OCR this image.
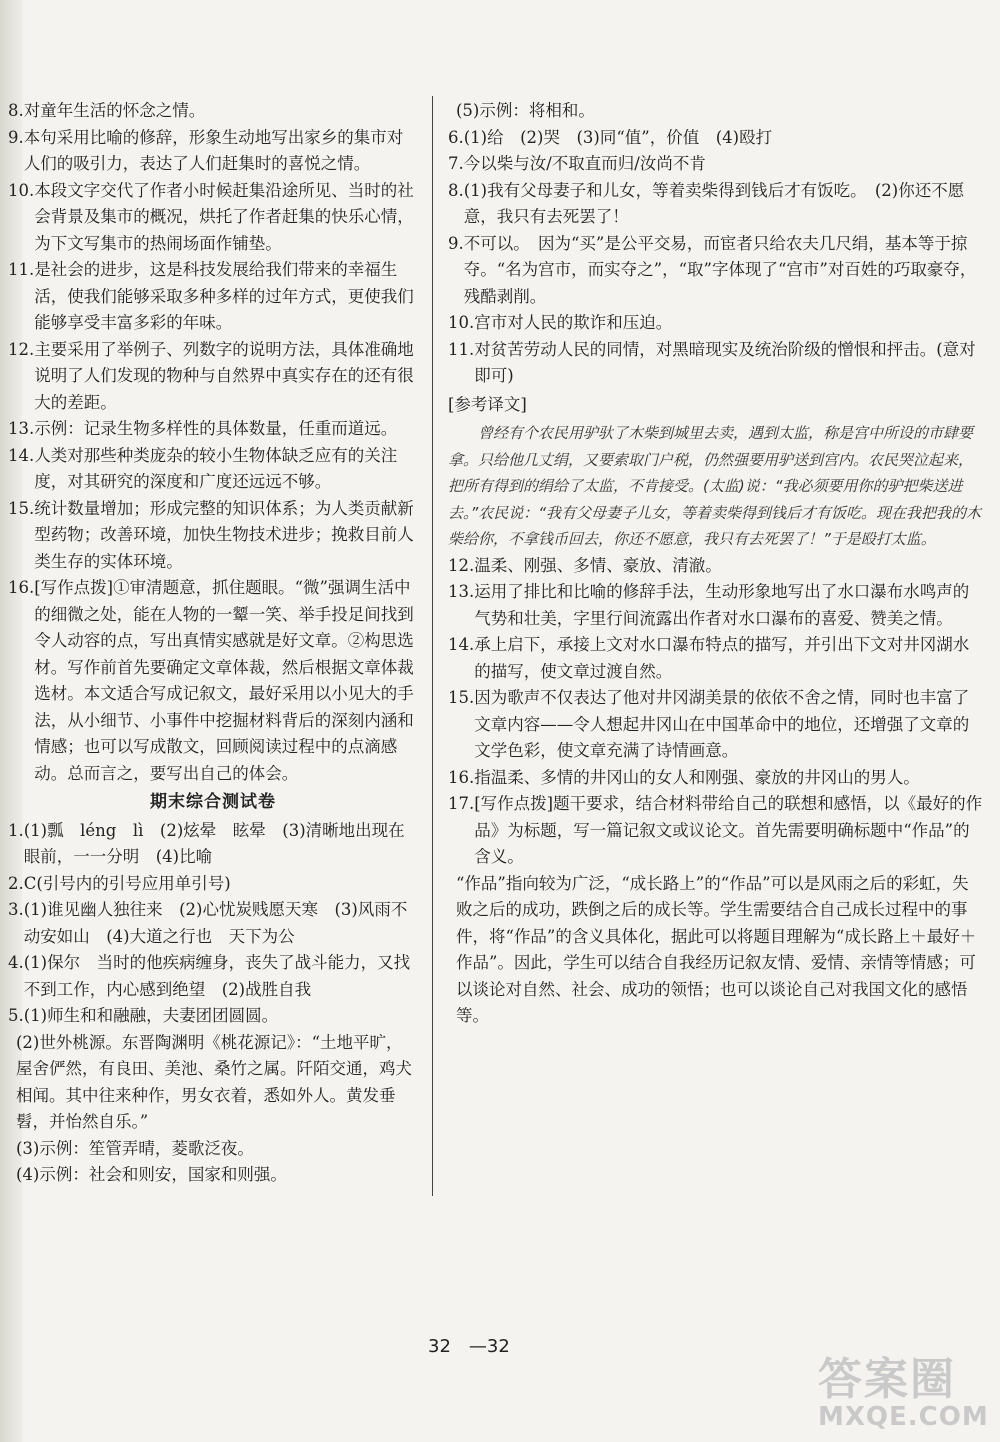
8. 对童年生活的怀念之情。
9. 本句采用比喻的修辞，形象生动地写出家乡的集市对人们的吸引力，表达了人们赶集时的喜悦之情。
10. 本段文字交代了作者小时候赶集沿途所见、当时的社会背景及集市的概况，烘托了作者赶集的快乐心情，为下文写集市的热闹场面作铺垫。
11. 是社会的进步，这是科技发展给我们带来的幸福生活，使我们能够采取多种多样的过年方式，更使我们能够享受丰富多彩的年味。
12. 主要采用了举例子、列数字的说明方法，具体准确地说明了人们发现的物种与自然界中真实存在的还有很大的差距。
13. 示例：记录生物多样性的具体数量，任重而道远。
14. 人类对那些种类庞杂的较小生物体缺乏应有的关注度，对其研究的深度和广度还远远不够。
15. 统计数量增加；形成完整的知识体系；为人类贡献新型药物；改善环境，加快生物技术进步；挽救目前人类生存的实体环境。
16. [写作点拨]①审清题意，抓住题眼。“微”强调生活中的细微之处，能在人物的一颦一笑、举手投足间找到令人动容的点，写出真情实感就是好文章。②构思选材。写作前首先要确定文章体裁，然后根据文章体裁选材。本文适合写成记叙文，最好采用以小见大的手法，从小细节、小事件中挖掘材料背后的深刻内涵和情感；也可以写成散文，回顾阅读过程中的点滴感动。总而言之，要写出自己的体会。
期末综合测试卷
1. (1)瓢　léng　lì　(2)炫晕　眩晕　(3)清晰地出现在眼前，一一分明　(4)比喻
2. C(引号内的引号应用单引号)
3. (1)谁见幽人独往来　(2)心忧炭贱愿天寒　(3)风雨不动安如山　(4)大道之行也　天下为公
4. (1)保尔　当时的他疾病缠身，丧失了战斗能力，又找不到工作，内心感到绝望　(2)战胜自我
5. (1)师生和和融融，夫妻团团圆圆。
(2)世外桃源。东晋陶渊明《桃花源记》：“土地平旷，屋舍俨然，有良田、美池、桑竹之属。阡陌交通，鸡犬相闻。其中往来种作，男女衣着，悉如外人。黄发垂髫，并怡然自乐。”
(3)示例：笙管弄晴，菱歌泛夜。
(4)示例：社会和则安，国家和则强。
(5)示例：将相和。
6. (1)给　(2)哭　(3)同“值”，价值　(4)殴打
7. 今以柴与汝/不取直而归/汝尚不肯
8. (1)我有父母妻子和儿女，等着卖柴得到钱后才有饭吃。　(2)你还不愿意，我只有去死罢了！
9. 不可以。　因为“买”是公平交易，而宦者只给农夫几尺绢，基本等于掠夺。“名为宫市，而实夺之”，“取”字体现了“宫市”对百姓的巧取豪夺，残酷剥削。
10. 宫市对人民的欺诈和压迫。
11. 对贫苦劳动人民的同情，对黑暗现实及统治阶级的憎恨和抨击。(意对即可)
[参考译文]
曾经有个农民用驴驮了木柴到城里去卖，遇到太监，称是宫中所设的市肆要拿。只给他几丈绢，又要索取门户税，仍然强要用驴送到宫内。农民哭泣起来，把所有得到的绢给了太监，不肯接受。(太监)说：“我必须要用你的驴把柴送进去。”农民说：“我有父母妻子儿女，等着卖柴得到钱后才有饭吃。现在我把我的木柴给你，不拿钱币回去，你还不愿意，我只有去死罢了！”于是殴打太监。
12. 温柔、刚强、多情、豪放、清澈。
13. 运用了排比和比喻的修辞手法，生动形象地写出了水口瀑布水鸣声的气势和壮美，字里行间流露出作者对水口瀑布的喜爱、赞美之情。
14. 承上启下，承接上文对水口瀑布特点的描写，并引出下文对井冈湖水的描写，使文章过渡自然。
15. 因为歌声不仅表达了他对井冈湖美景的依依不舍之情，同时也丰富了文章内容——令人想起井冈山在中国革命中的地位，还增强了文章的文学色彩，使文章充满了诗情画意。
16. 指温柔、多情的井冈山的女人和刚强、豪放的井冈山的男人。
17. [写作点拨]题干要求，结合材料带给自己的联想和感悟，以《最好的作品》为标题，写一篇记叙文或议论文。首先需要明确标题中“作品”的含义。
“作品”指向较为广泛，“成长路上”的“作品”可以是风雨之后的彩虹，失败之后的成功，跌倒之后的成长等。学生需要结合自己成长过程中的事件，将“作品”的含义具体化，据此可以将题目理解为“成长路上＋最好＋作品”。因此，学生可以结合自我经历记叙友情、爱情、亲情等情感；可以谈论对自然、社会、成功的领悟；也可以谈论自己对我国文化的感悟等。
32　—32
答案圈
MXQE.COM
